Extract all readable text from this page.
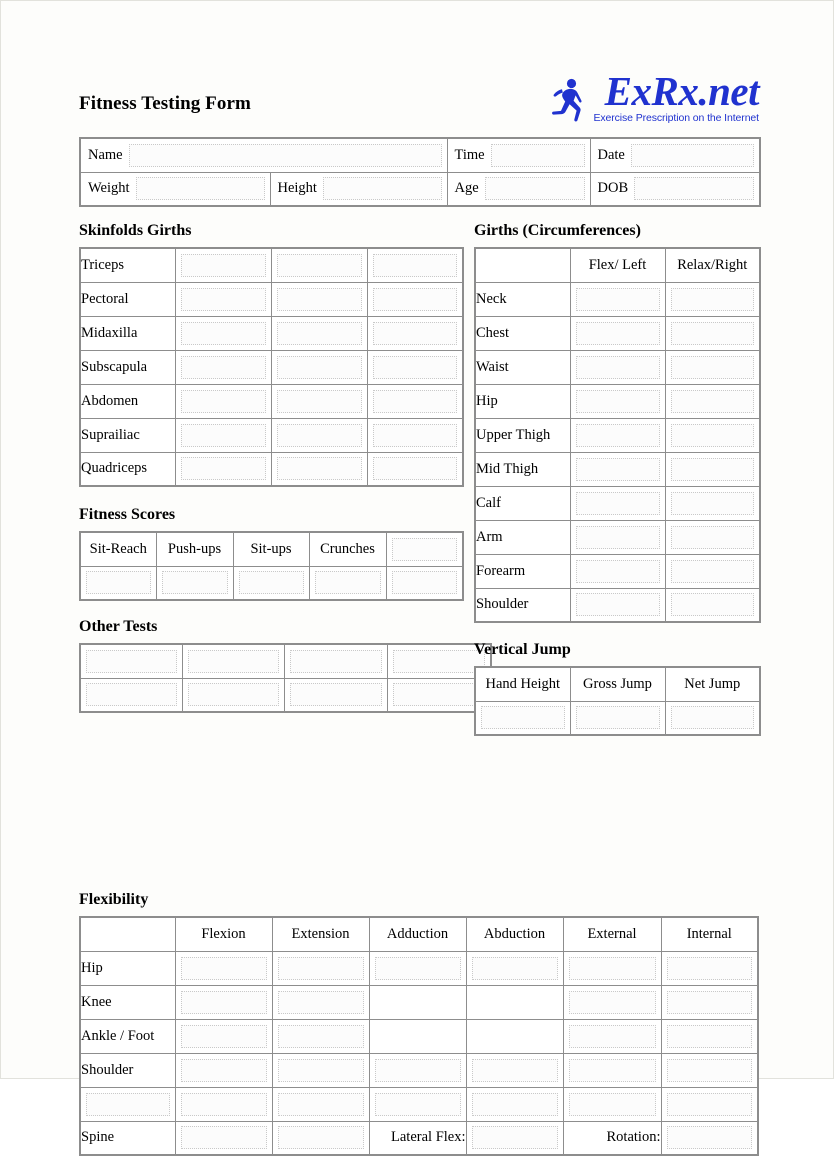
Fitness Testing Form	ExRx.net
Exercise Prescription on the Internet
Name		Time	Date

Weight	Height	Age	DOB
Skinfolds Girths
Triceps	

Pectoral	

Midaxilla	

Subscapula	

Abdomen	

Suprailiac	

Quadriceps	

Fitness Scores
Sit-Reach	Push-ups	Sit-ups	Crunches	

Other Tests

Girths (Circumferences)
	Flex/ Left	Relax/Right
Neck	

Chest	

Waist	

Hip	

Upper Thigh	

Mid Thigh	

Calf	

Arm	

Forearm	

Shoulder	

Vertical Jump
Hand Height	Gross Jump	Net Jump

Flexibility
	Flexion	Extension	Adduction	Abduction	External	Internal
Hip	

Knee	

Ankle / Foot	

Shoulder	

Spine			Lateral Flex:		Rotation:	
